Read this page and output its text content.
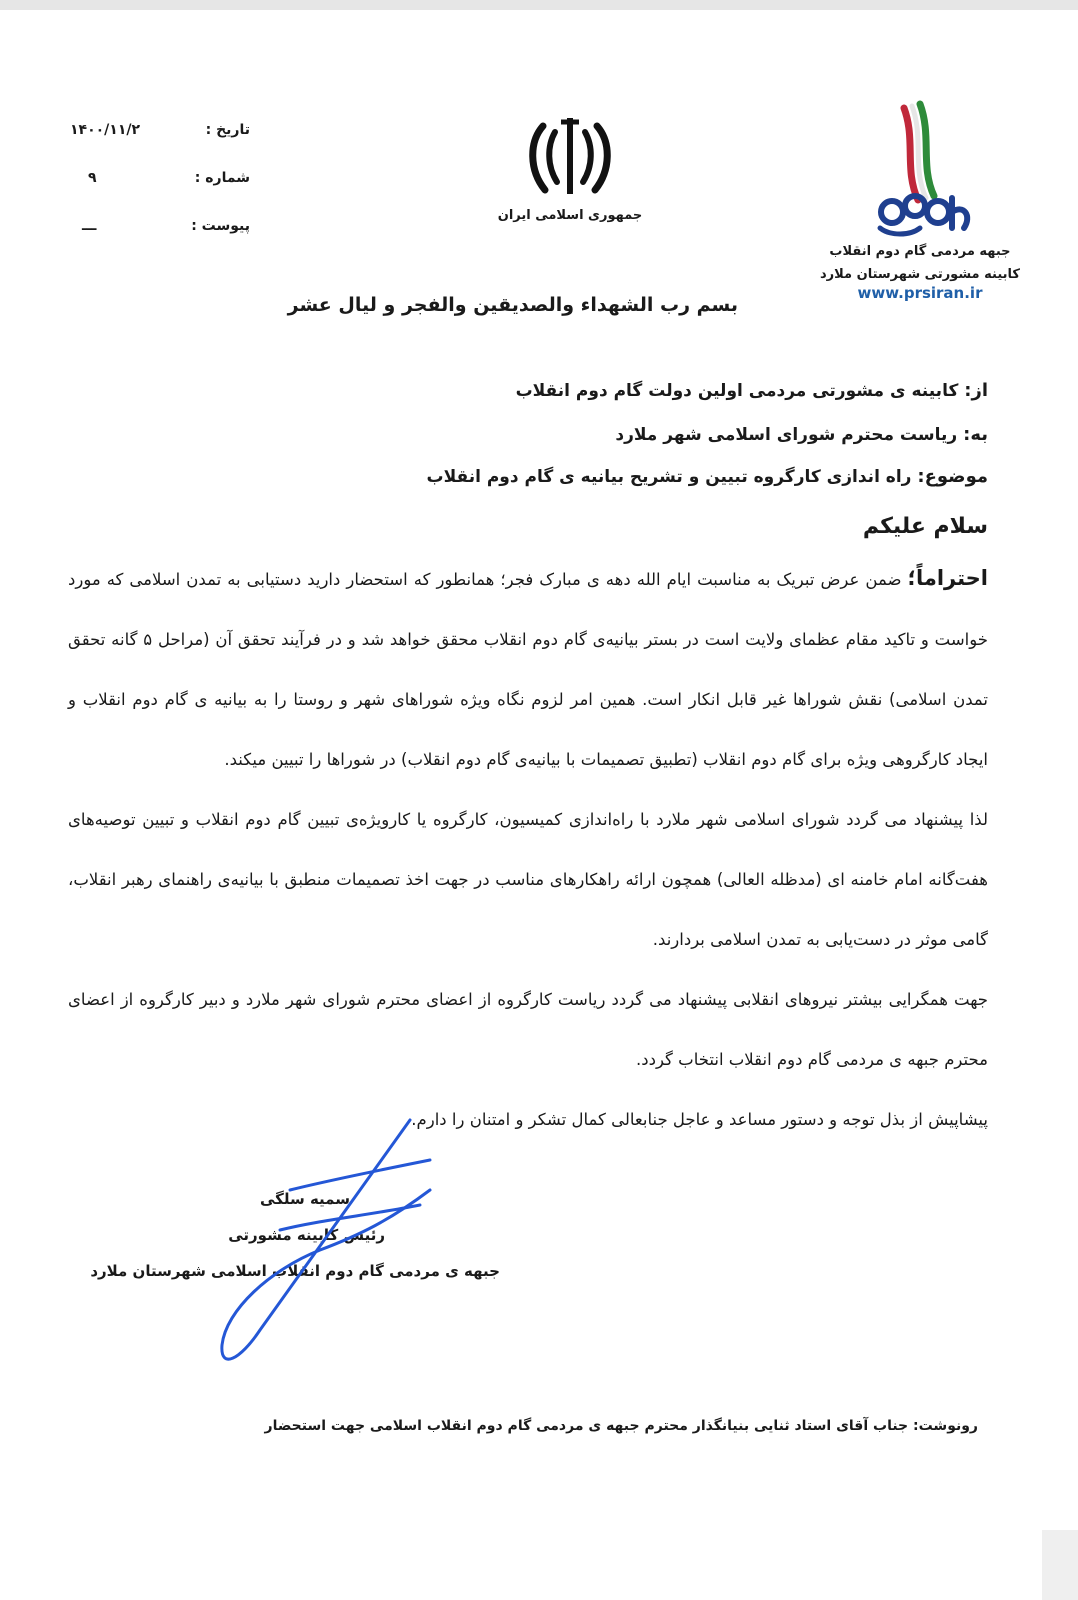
جبهه مردمی گام دوم انقلاب
کابینه مشورتی شهرستان ملارد
www.prsiran.ir
جمهوری اسلامی ایران
تاریخ :
۱۴۰۰/۱۱/۲
شماره :
۹
پیوست :
ـــ
بسم رب الشهداء والصدیقین والفجر و لیال عشر
از: کابینه ی مشورتی مردمی اولین دولت گام دوم انقلاب
به: ریاست محترم شورای اسلامی شهر ملارد
موضوع: راه اندازی کارگروه تبیین و تشریح بیانیه ی گام دوم انقلاب
سلام علیکم

احتراماً؛ ضمن عرض تبریک به مناسبت ایام الله دهه ی مبارک فجر؛ همانطور که استحضار دارید دستیابی به تمدن اسلامی که مورد خواست و تاکید مقام عظمای ولایت است در بستر بیانیه‌ی گام دوم انقلاب محقق خواهد شد و در فرآیند تحقق آن (مراحل ۵ گانه تحقق تمدن اسلامی) نقش شوراها غیر قابل انکار است. همین امر لزوم نگاه ویژه شوراهای شهر و روستا را به بیانیه ی گام دوم انقلاب و ایجاد کارگروهی ویژه برای گام دوم انقلاب (تطبیق تصمیمات با بیانیه‌ی گام دوم انقلاب) در شوراها را تبیین میکند.

لذا پیشنهاد می گردد شورای اسلامی شهر ملارد با راه‌اندازی کمیسیون، کارگروه یا کارویژه‌ی تبیین گام دوم انقلاب و تبیین توصیه‌های هفت‌گانه امام خامنه ای (مدظله العالی) همچون ارائه راهکارهای مناسب در جهت اخذ تصمیمات منطبق با بیانیه‌ی راهنمای رهبر انقلاب، گامی موثر در دست‌یابی به تمدن اسلامی بردارند.

جهت همگرایی بیشتر نیروهای انقلابی پیشنهاد می گردد ریاست کارگروه از اعضای محترم شورای شهر ملارد و دبیر کارگروه از اعضای محترم جبهه ی مردمی گام دوم انقلاب انتخاب گردد.

پیشاپیش از بذل توجه و دستور مساعد و عاجل جنابعالی کمال تشکر و امتنان را دارم.

سمیه سلگی
رئیس کابینه مشورتی
جبهه ی مردمی گام دوم انقلاب اسلامی شهرستان ملارد
رونوشت: جناب آقای استاد ثنایی بنیانگذار محترم جبهه ی مردمی گام دوم انقلاب اسلامی جهت استحضار
